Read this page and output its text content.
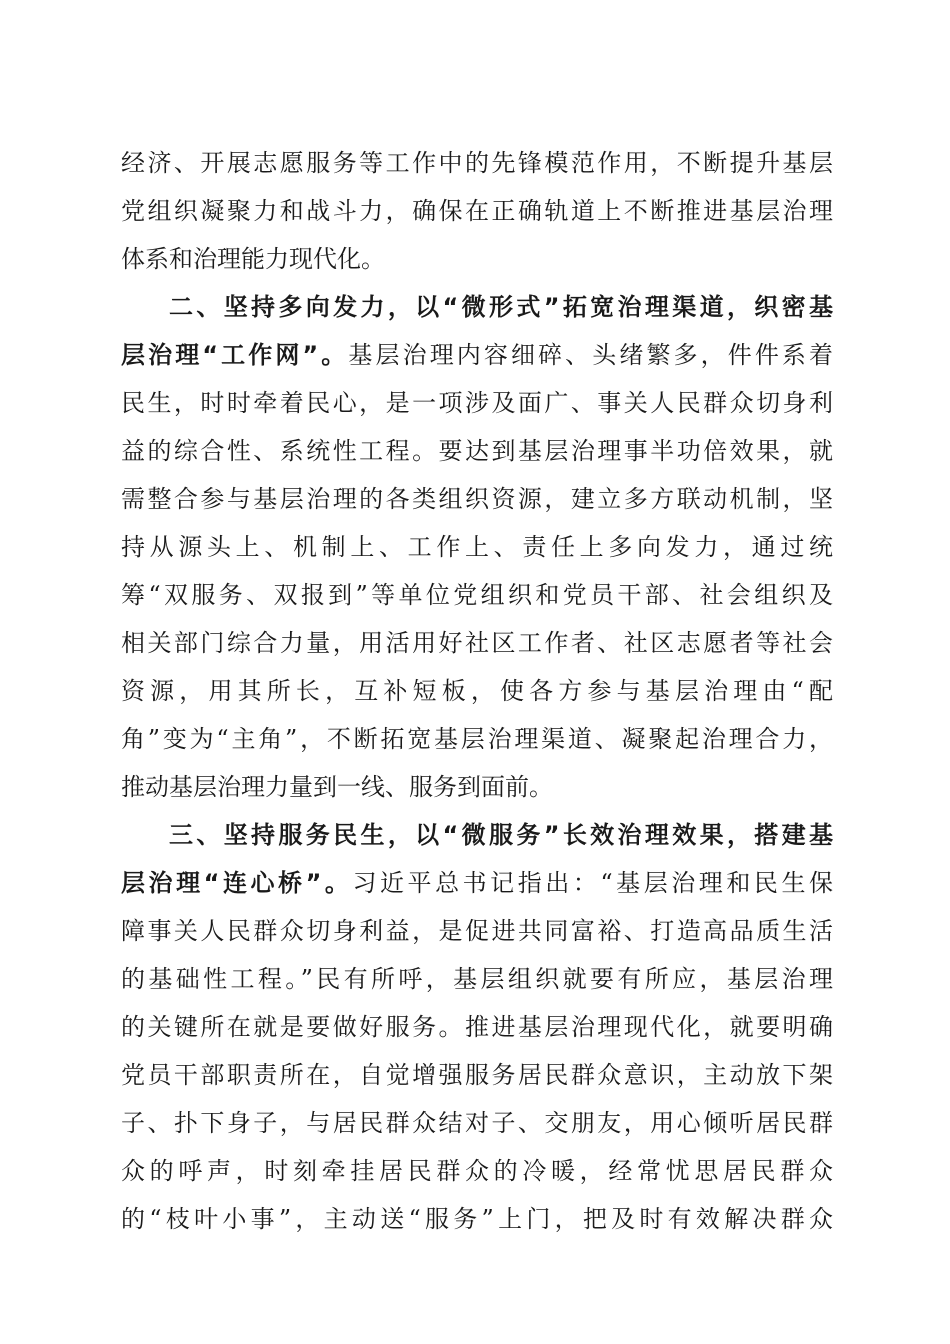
经济、开展志愿服务等工作中的先锋模范作用，不断提升基层
党组织凝聚力和战斗力，确保在正确轨道上不断推进基层治理
体系和治理能力现代化。
二、坚持多向发力，以“微形式”拓宽治理渠道，织密基
层治理“工作网”。基层治理内容细碎、头绪繁多，件件系着
民生，时时牵着民心，是一项涉及面广、事关人民群众切身利
益的综合性、系统性工程。要达到基层治理事半功倍效果，就
需整合参与基层治理的各类组织资源，建立多方联动机制，坚
持从源头上、机制上、工作上、责任上多向发力，通过统
筹“双服务、双报到”等单位党组织和党员干部、社会组织及
相关部门综合力量，用活用好社区工作者、社区志愿者等社会
资源，用其所长，互补短板，使各方参与基层治理由“配
角”变为“主角”，不断拓宽基层治理渠道、凝聚起治理合力，
推动基层治理力量到一线、服务到面前。
三、坚持服务民生，以“微服务”长效治理效果，搭建基
层治理“连心桥”。习近平总书记指出：“基层治理和民生保
障事关人民群众切身利益，是促进共同富裕、打造高品质生活
的基础性工程。”民有所呼，基层组织就要有所应，基层治理
的关键所在就是要做好服务。推进基层治理现代化，就要明确
党员干部职责所在，自觉增强服务居民群众意识，主动放下架
子、扑下身子，与居民群众结对子、交朋友，用心倾听居民群
众的呼声，时刻牵挂居民群众的冷暖，经常忧思居民群众
的“枝叶小事”，主动送“服务”上门，把及时有效解决群众
